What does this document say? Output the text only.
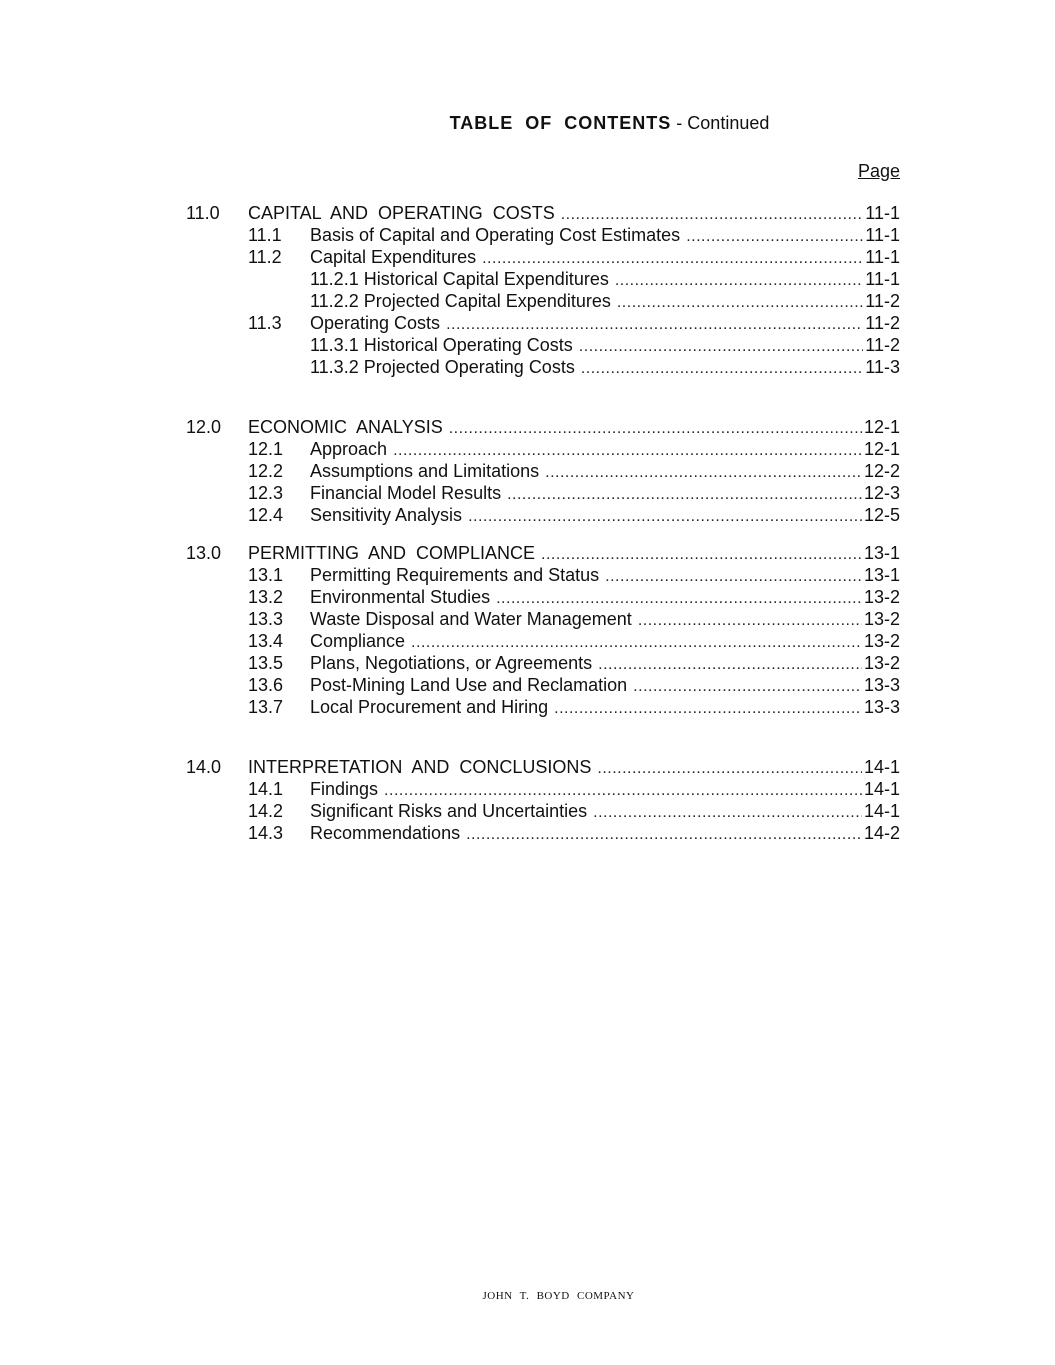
TABLE OF CONTENTS - Continued
Page
11.0	CAPITAL AND OPERATING COSTS .....	11-1
11.1	Basis of Capital and Operating Cost Estimates .....	11-1
11.2	Capital Expenditures .....	11-1
11.2.1 Historical Capital Expenditures .....	11-1
11.2.2 Projected Capital Expenditures .....	11-2
11.3	Operating Costs .....	11-2
11.3.1 Historical Operating Costs .....	11-2
11.3.2 Projected Operating Costs .....	11-3
12.0	ECONOMIC ANALYSIS .....	12-1
12.1	Approach .....	12-1
12.2	Assumptions and Limitations .....	12-2
12.3	Financial Model Results .....	12-3
12.4	Sensitivity Analysis .....	12-5
13.0	PERMITTING AND COMPLIANCE .....	13-1
13.1	Permitting Requirements and Status .....	13-1
13.2	Environmental Studies .....	13-2
13.3	Waste Disposal and Water Management .....	13-2
13.4	Compliance .....	13-2
13.5	Plans, Negotiations, or Agreements .....	13-2
13.6	Post-Mining Land Use and Reclamation .....	13-3
13.7	Local Procurement and Hiring .....	13-3
14.0	INTERPRETATION AND CONCLUSIONS .....	14-1
14.1	Findings .....	14-1
14.2	Significant Risks and Uncertainties .....	14-1
14.3	Recommendations .....	14-2
JOHN T. BOYD COMPANY
